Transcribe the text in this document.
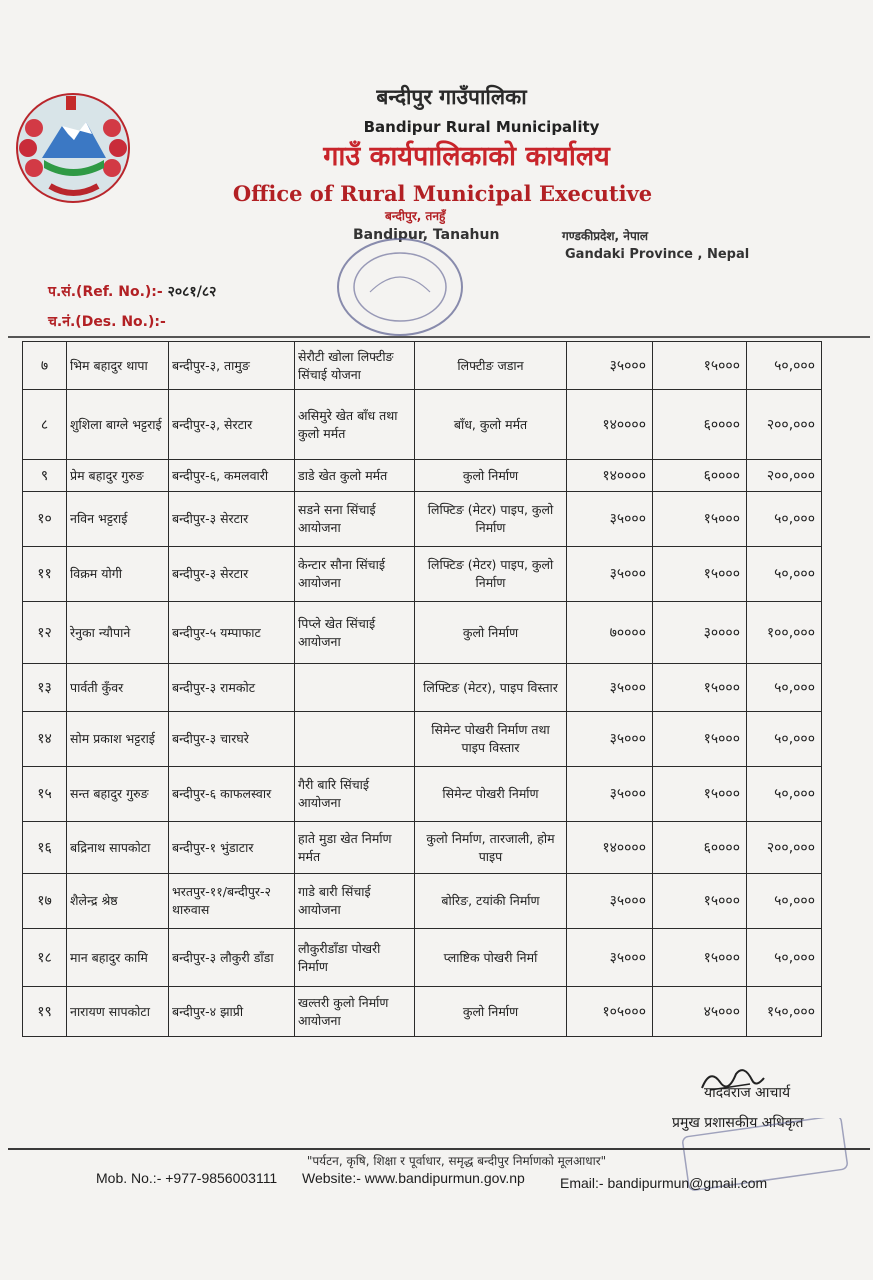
बन्दीपुर गाउँपालिका
Bandipur Rural Municipality
गाउँ कार्यपालिकाको कार्यालय
Office of Rural Municipal Executive
बन्दीपुर, तनहुँ
Bandipur, Tanahun	गण्डकीप्रदेश, नेपाल
Gandaki Province , Nepal
प.सं.(Ref. No.):- २०८१/८२
च.नं.(Des. No.):-
७	भिम बहादुर थापा	बन्दीपुर-३, तामुङ	सेरौटी खोला लिफ्टीङ सिंचाई योजना	लिफ्टीङ जडान	३५०००	१५०००	५०,०००
८	शुशिला बाग्ले भट्टराई	बन्दीपुर-३, सेरटार	असिमुरे खेत बाँध तथा कुलो मर्मत	बाँध, कुलो मर्मत	१४००००	६००००	२००,०००
९	प्रेम बहादुर गुरुङ	बन्दीपुर-६, कमलवारी	डाडे खेत कुलो मर्मत	कुलो निर्माण	१४००००	६००००	२००,०००
१०	नविन भट्टराई	बन्दीपुर-३ सेरटार	सडने सना सिंचाई आयोजना	लिफ्टिङ (मेटर) पाइप, कुलो निर्माण	३५०००	१५०००	५०,०००
११	विक्रम योगी	बन्दीपुर-३ सेरटार	केन्टार सौना सिंचाई आयोजना	लिफ्टिङ (मेटर) पाइप, कुलो निर्माण	३५०००	१५०००	५०,०००
१२	रेनुका न्यौपाने	बन्दीपुर-५ यम्पाफाट	पिप्ले खेत सिंचाई आयोजना	कुलो निर्माण	७००००	३००००	१००,०००
१३	पार्वती कुँवर	बन्दीपुर-३ रामकोट		लिफ्टिङ (मेटर), पाइप विस्तार	३५०००	१५०००	५०,०००
१४	सोम प्रकाश भट्टराई	बन्दीपुर-३ चारघरे		सिमेन्ट पोखरी निर्माण तथा पाइप विस्तार	३५०००	१५०००	५०,०००
१५	सन्त बहादुर गुरुङ	बन्दीपुर-६ काफलस्वार	गैरी बारि सिंचाई आयोजना	सिमेन्ट पोखरी निर्माण	३५०००	१५०००	५०,०००
१६	बद्रिनाथ सापकोटा	बन्दीपुर-१ भुंडाटार	हाते मुडा खेत निर्माण मर्मत	कुलो निर्माण, तारजाली, होम पाइप	१४००००	६००००	२००,०००
१७	शैलेन्द्र श्रेष्ठ	भरतपुर-११/बन्दीपुर-२ थारुवास	गाडे बारी सिंचाई आयोजना	बोरिङ, टयांकी निर्माण	३५०००	१५०००	५०,०००
१८	मान बहादुर कामि	बन्दीपुर-३ लौकुरी डाँडा	लौकुरीडाँडा पोखरी निर्माण	प्लाष्टिक पोखरी निर्मा	३५०००	१५०००	५०,०००
१९	नारायण सापकोटा	बन्दीपुर-४ झाप्री	खल्तरी कुलो निर्माण आयोजना	कुलो निर्माण	१०५०००	४५०००	१५०,०००
यादवराज आचार्य
प्रमुख प्रशासकीय अधिकृत
"पर्यटन, कृषि, शिक्षा र पूर्वाधार, समृद्ध बन्दीपुर निर्माणको मूलआधार"
Mob. No.:- +977-9856003111 Website:- www.bandipurmun.gov.np	Email:- bandipurmun@gmail.com
